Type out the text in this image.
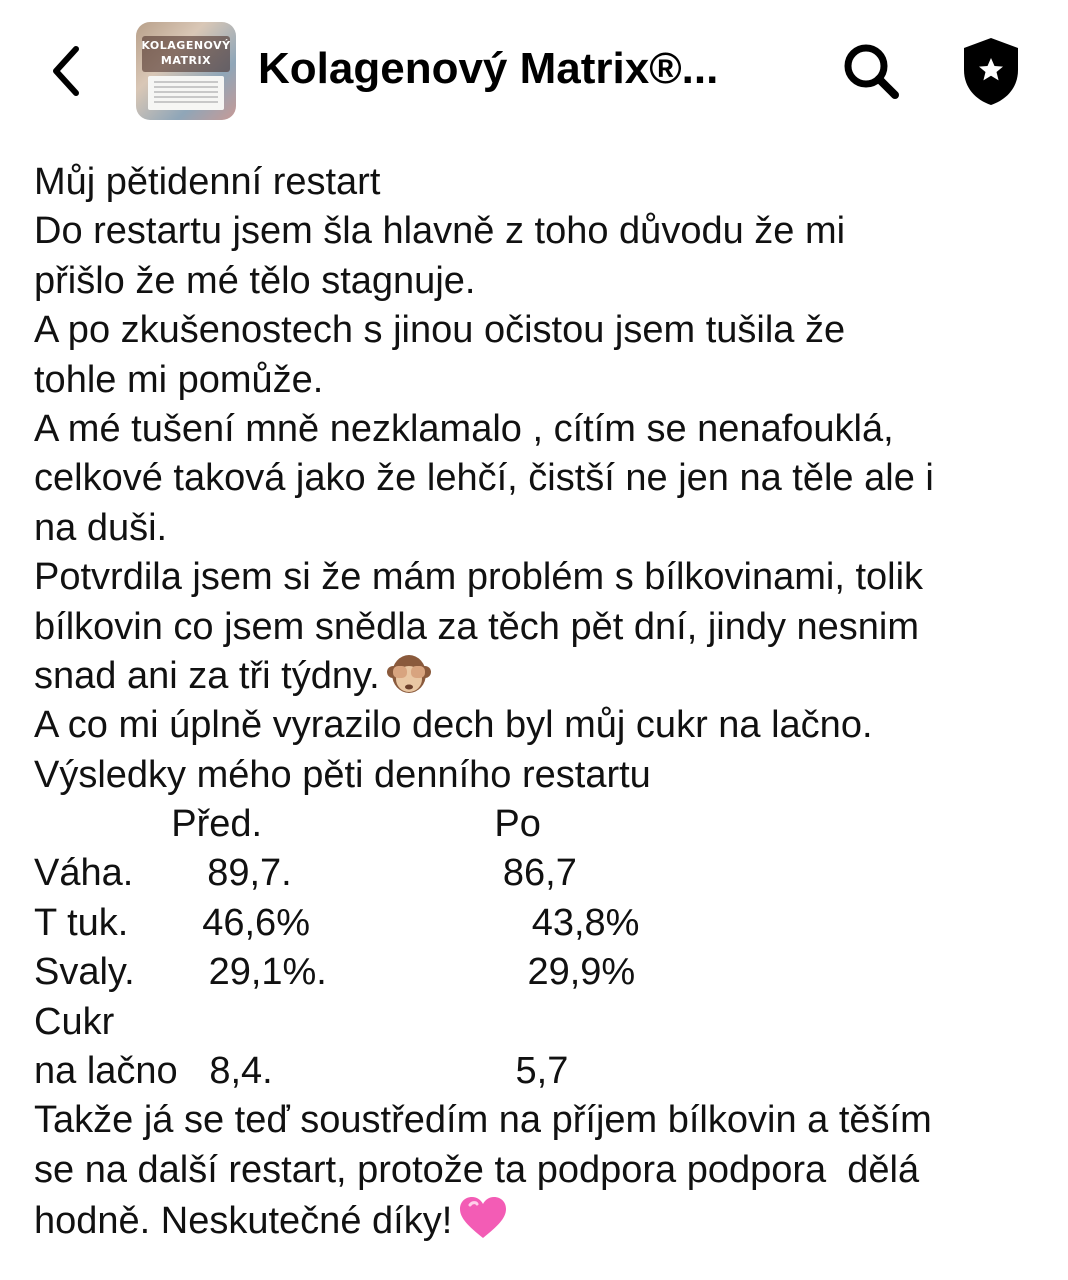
KOLAGENOVÝ
MATRIX	Kolagenový Matrix®...
Můj pětidenní restart
Do restartu jsem šla hlavně z toho důvodu že mi
přišlo že mé tělo stagnuje.
A po zkušenostech s jinou očistou jsem tušila že
tohle mi pomůže.
A mé tušení mně nezklamalo , cítím se nenafouklá,
celkové taková jako že lehčí, čistší ne jen na těle ale i
na duši.
Potvrdila jsem si že mám problém s bílkovinami, tolik
bílkovin co jsem snědla za těch pět dní, jindy nesnim
snad ani za tři týdny.
A co mi úplně vyrazilo dech byl můj cukr na lačno.
Výsledky mého pěti denního restartu
Před.                      Po
Váha.       89,7.                    86,7
T tuk.       46,6%                     43,8%
Svaly.       29,1%.                   29,9%
Cukr
na lačno   8,4.                       5,7
Takže já se teď soustředím na příjem bílkovin a těším
se na další restart, protože ta podpora podpora  dělá
hodně. Neskutečné díky!
